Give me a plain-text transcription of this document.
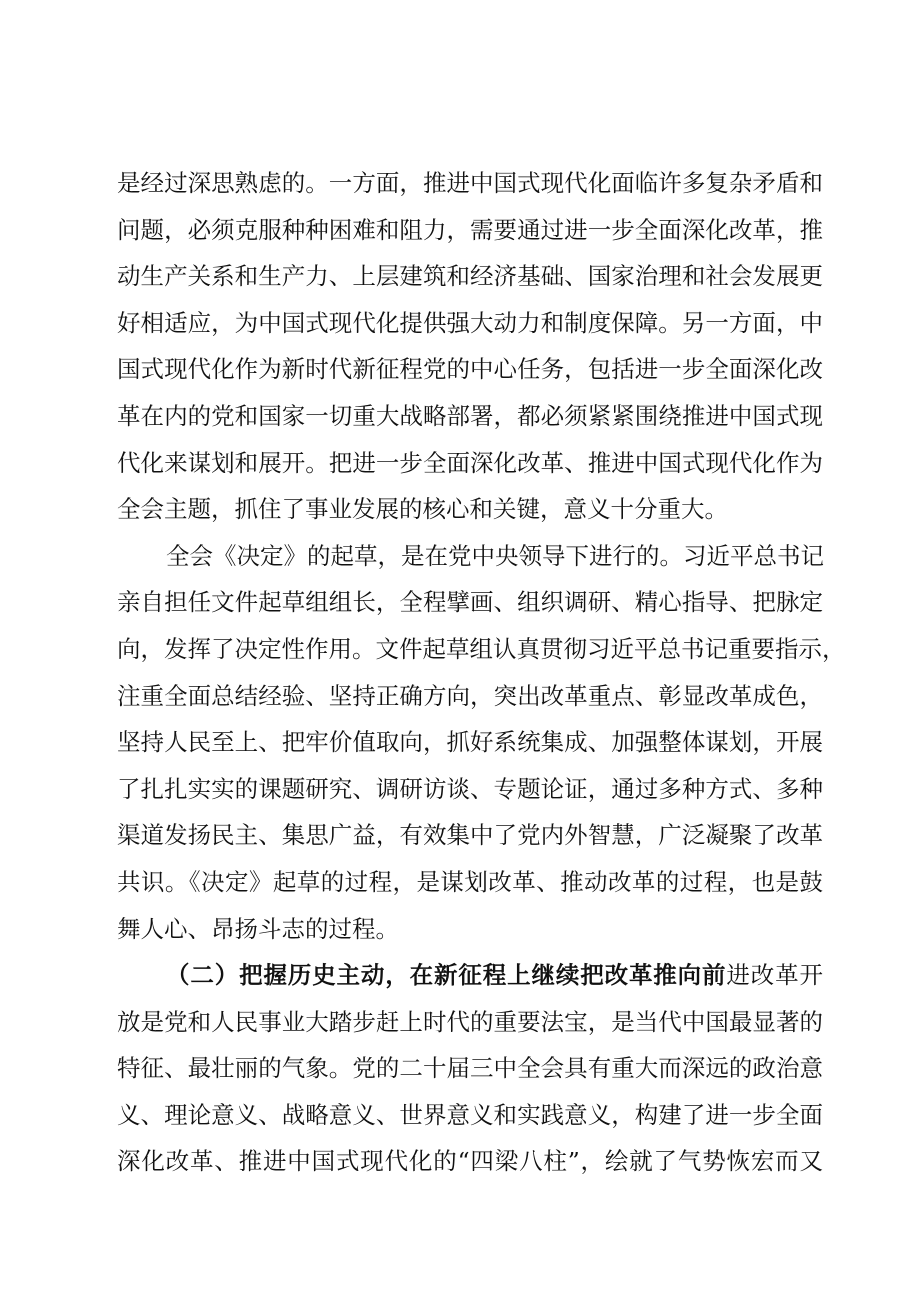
是经过深思熟虑的。一方面，推进中国式现代化面临许多复杂矛盾和
问题，必须克服种种困难和阻力，需要通过进一步全面深化改革，推
动生产关系和生产力、上层建筑和经济基础、国家治理和社会发展更
好相适应，为中国式现代化提供强大动力和制度保障。另一方面，中
国式现代化作为新时代新征程党的中心任务，包括进一步全面深化改
革在内的党和国家一切重大战略部署，都必须紧紧围绕推进中国式现
代化来谋划和展开。把进一步全面深化改革、推进中国式现代化作为
全会主题，抓住了事业发展的核心和关键，意义十分重大。
全会《决定》的起草，是在党中央领导下进行的。习近平总书记
亲自担任文件起草组组长，全程擘画、组织调研、精心指导、把脉定
向，发挥了决定性作用。文件起草组认真贯彻习近平总书记重要指示，
注重全面总结经验、坚持正确方向，突出改革重点、彰显改革成色，
坚持人民至上、把牢价值取向，抓好系统集成、加强整体谋划，开展
了扎扎实实的课题研究、调研访谈、专题论证，通过多种方式、多种
渠道发扬民主、集思广益，有效集中了党内外智慧，广泛凝聚了改革
共识。《决定》起草的过程，是谋划改革、推动改革的过程，也是鼓
舞人心、昂扬斗志的过程。
（二）把握历史主动，在新征程上继续把改革推向前进改革开
放是党和人民事业大踏步赶上时代的重要法宝，是当代中国最显著的
特征、最壮丽的气象。党的二十届三中全会具有重大而深远的政治意
义、理论意义、战略意义、世界意义和实践意义，构建了进一步全面
深化改革、推进中国式现代化的“四梁八柱”，绘就了气势恢宏而又
